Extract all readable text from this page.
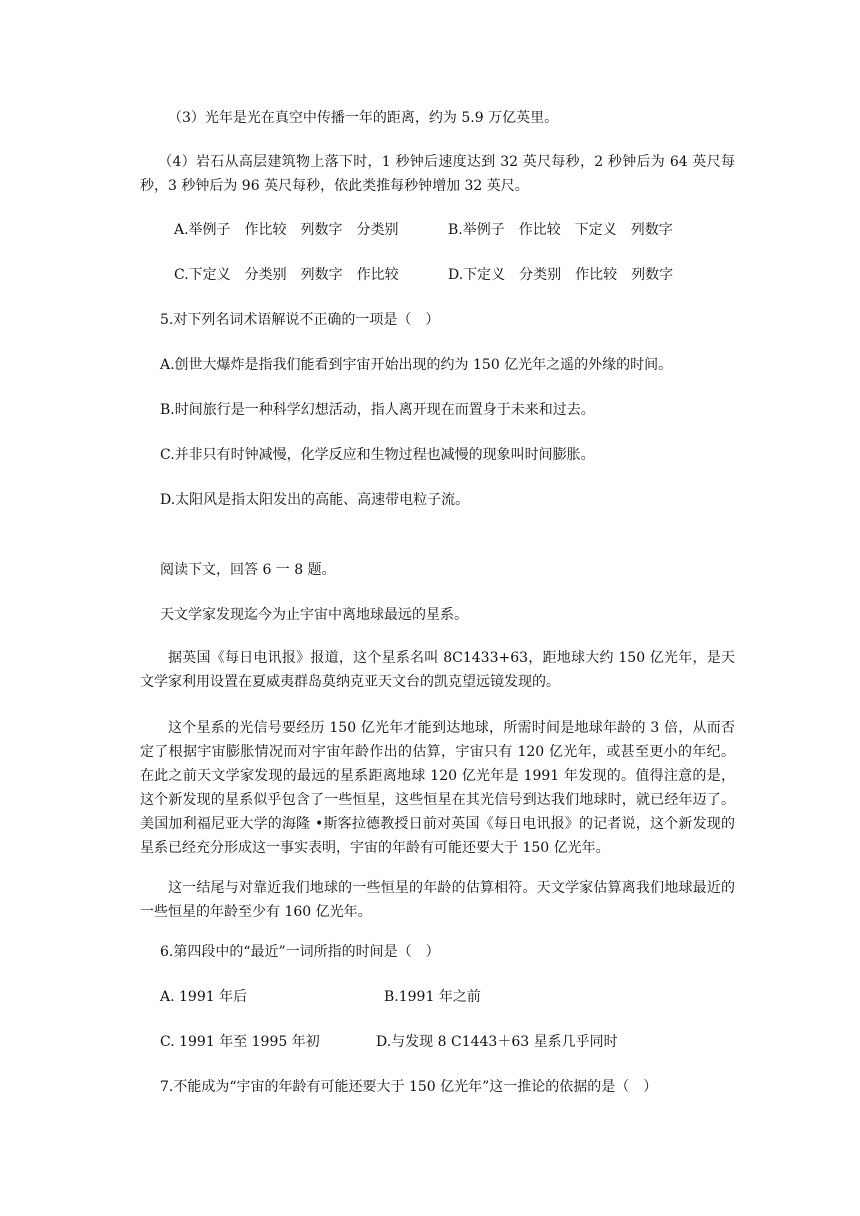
（3）光年是光在真空中传播一年的距离，约为 5.9 万亿英里。
（4）岩石从高层建筑物上落下时，1 秒钟后速度达到 32 英尺每秒，2 秒钟后为 64 英尺每秒，3 秒钟后为 96 英尺每秒，依此类推每秒钟增加 32 英尺。
A.举例子　作比较　列数字　分类别	B.举例子　作比较　下定义　列数字
C.下定义　分类别　列数字　作比较	D.下定义　分类别　作比较　列数字
5.对下列名词术语解说不正确的一项是（　）
A.创世大爆炸是指我们能看到宇宙开始出现的约为 150 亿光年之遥的外缘的时间。
B.时间旅行是一种科学幻想活动，指人离开现在而置身于未来和过去。
C.并非只有时钟减慢，化学反应和生物过程也减慢的现象叫时间膨胀。
D.太阳风是指太阳发出的高能、高速带电粒子流。
阅读下文，回答 6 一 8 题。
天文学家发现迄今为止宇宙中离地球最远的星系。
据英国《每日电讯报》报道，这个星系名叫 8C1433+63，距地球大约 150 亿光年，是天文学家利用设置在夏威夷群岛莫纳克亚天文台的凯克望远镜发现的。
这个星系的光信号要经历 150 亿光年才能到达地球，所需时间是地球年龄的 3 倍，从而否定了根据宇宙膨胀情况而对宇宙年龄作出的估算，宇宙只有 120 亿光年，或甚至更小的年纪。在此之前天文学家发现的最远的星系距离地球 120 亿光年是 1991 年发现的。值得注意的是，这个新发现的星系似乎包含了一些恒星，这些恒星在其光信号到达我们地球时，就已经年迈了。美国加利福尼亚大学的海隆 •斯客拉德教授日前对英国《每日电讯报》的记者说，这个新发现的星系已经充分形成这一事实表明，宇宙的年龄有可能还要大于 150 亿光年。
这一结尾与对靠近我们地球的一些恒星的年龄的估算相符。天文学家估算离我们地球最近的一些恒星的年龄至少有 160 亿光年。
6.第四段中的“最近”一词所指的时间是（　）
A. 1991 年后	B.1991 年之前
C. 1991 年至 1995 年初	D.与发现 8 C1443＋63 星系几乎同时
7.不能成为“宇宙的年龄有可能还要大于 150 亿光年”这一推论的依据的是（　）
